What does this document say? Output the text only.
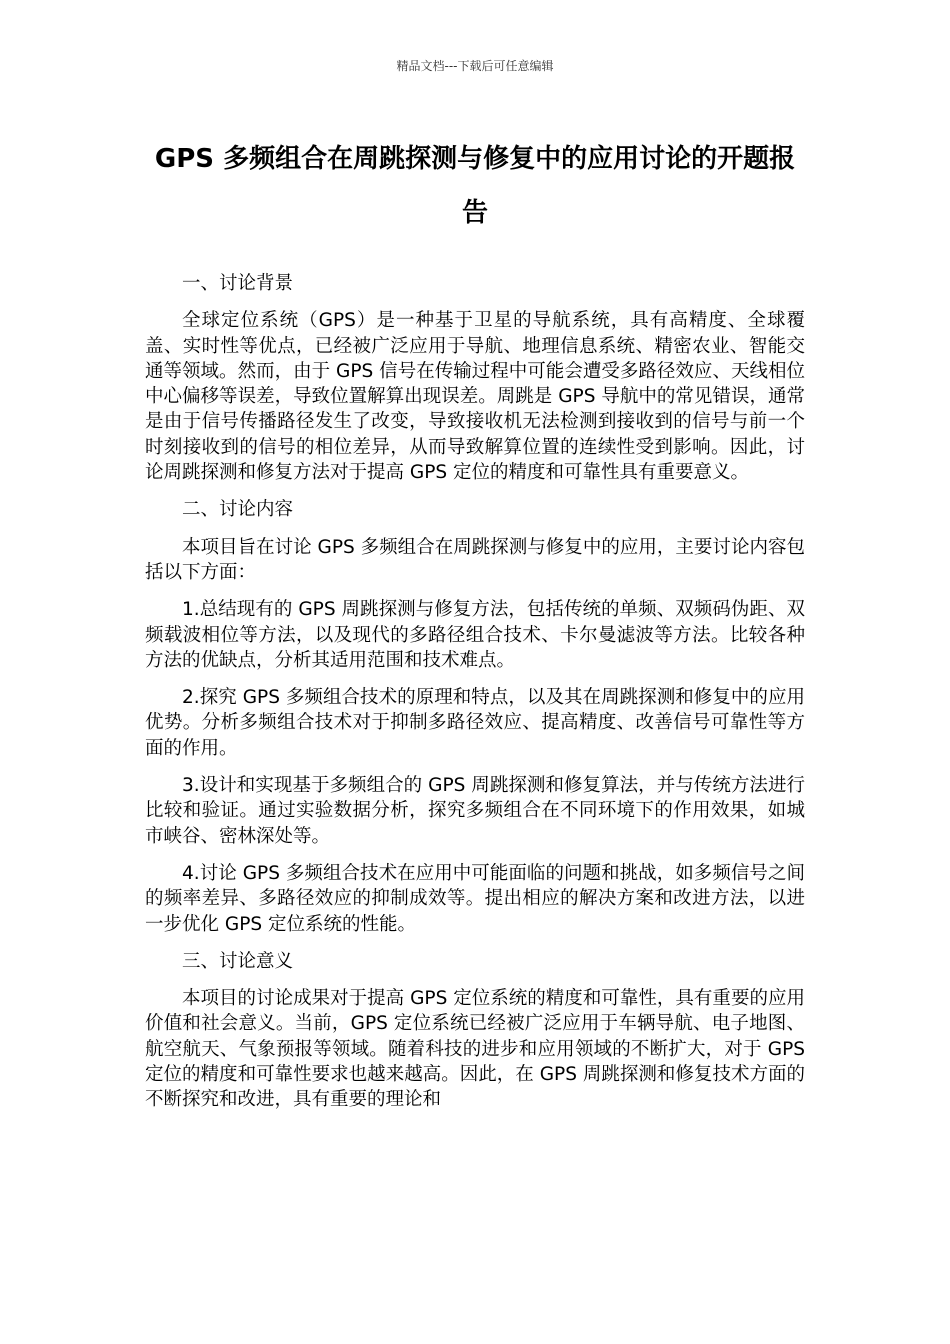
精品文档---下载后可任意编辑
GPS 多频组合在周跳探测与修复中的应用讨论的开题报告

一、讨论背景

全球定位系统（GPS）是一种基于卫星的导航系统，具有高精度、全球覆盖、实时性等优点，已经被广泛应用于导航、地理信息系统、精密农业、智能交通等领域。然而，由于 GPS 信号在传输过程中可能会遭受多路径效应、天线相位中心偏移等误差，导致位置解算出现误差。周跳是 GPS 导航中的常见错误，通常是由于信号传播路径发生了改变，导致接收机无法检测到接收到的信号与前一个时刻接收到的信号的相位差异，从而导致解算位置的连续性受到影响。因此，讨论周跳探测和修复方法对于提高 GPS 定位的精度和可靠性具有重要意义。

二、讨论内容

本项目旨在讨论 GPS 多频组合在周跳探测与修复中的应用，主要讨论内容包括以下方面：

1.总结现有的 GPS 周跳探测与修复方法，包括传统的单频、双频码伪距、双频载波相位等方法，以及现代的多路径组合技术、卡尔曼滤波等方法。比较各种方法的优缺点，分析其适用范围和技术难点。

2.探究 GPS 多频组合技术的原理和特点，以及其在周跳探测和修复中的应用优势。分析多频组合技术对于抑制多路径效应、提高精度、改善信号可靠性等方面的作用。

3.设计和实现基于多频组合的 GPS 周跳探测和修复算法，并与传统方法进行比较和验证。通过实验数据分析，探究多频组合在不同环境下的作用效果，如城市峡谷、密林深处等。

4.讨论 GPS 多频组合技术在应用中可能面临的问题和挑战，如多频信号之间的频率差异、多路径效应的抑制成效等。提出相应的解决方案和改进方法，以进一步优化 GPS 定位系统的性能。

三、讨论意义

本项目的讨论成果对于提高 GPS 定位系统的精度和可靠性，具有重要的应用价值和社会意义。当前，GPS 定位系统已经被广泛应用于车辆导航、电子地图、航空航天、气象预报等领域。随着科技的进步和应用领域的不断扩大，对于 GPS 定位的精度和可靠性要求也越来越高。因此，在 GPS 周跳探测和修复技术方面的不断探究和改进，具有重要的理论和
